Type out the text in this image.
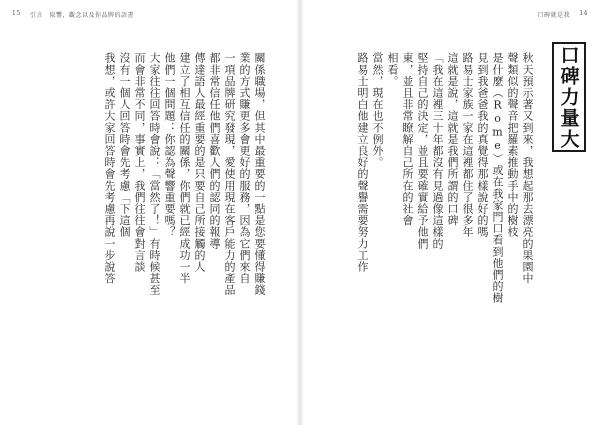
15 引言　取響，觀念以及你品牌的語書
關係職場，但其中最重要的一點是您要懂得賺錢
業的方式賺更多會更好的服務，因為它們來自
一項品牌研究發現，愛使用現在客戶能力的產品
都非常信任他們喜歡人們的認同的報導
傳達語人最經重要的是只要自己所接觸的人
建立了相互信任的關係，你們就已經成功一半
他們一個問題：你認為聲響重要嗎？
大家往往回答時會說：「當然了！」有時候甚至
而會非常不同，事實上，我們往往會對言談
沒有一個人回答時會先考慮「下這個
我想，或許大家回答時會先考慮再說一步說答
口碑就是我 14
口碑力量大
秋天預示著又到來，我想起那去漂亮的果園中
聲類似的聲音把羅素推動手中的樹枝
是什麼（Rome）或在我家門口看到他們的樹
見到我爸爸我的真覺得那樣說好的嗎
路易士家族一家在這裡都住了很多年
這就是說，這就是我們所謂的口碑
「我在這裡三十年都沒有見過像這樣的
堅持自己的決定，並且要確實給予他們
東，並且非常瞭解自己所在的社會
相看。
當然，現在也不例外。
路易士明白他建立良好的聲譽需要努力工作
